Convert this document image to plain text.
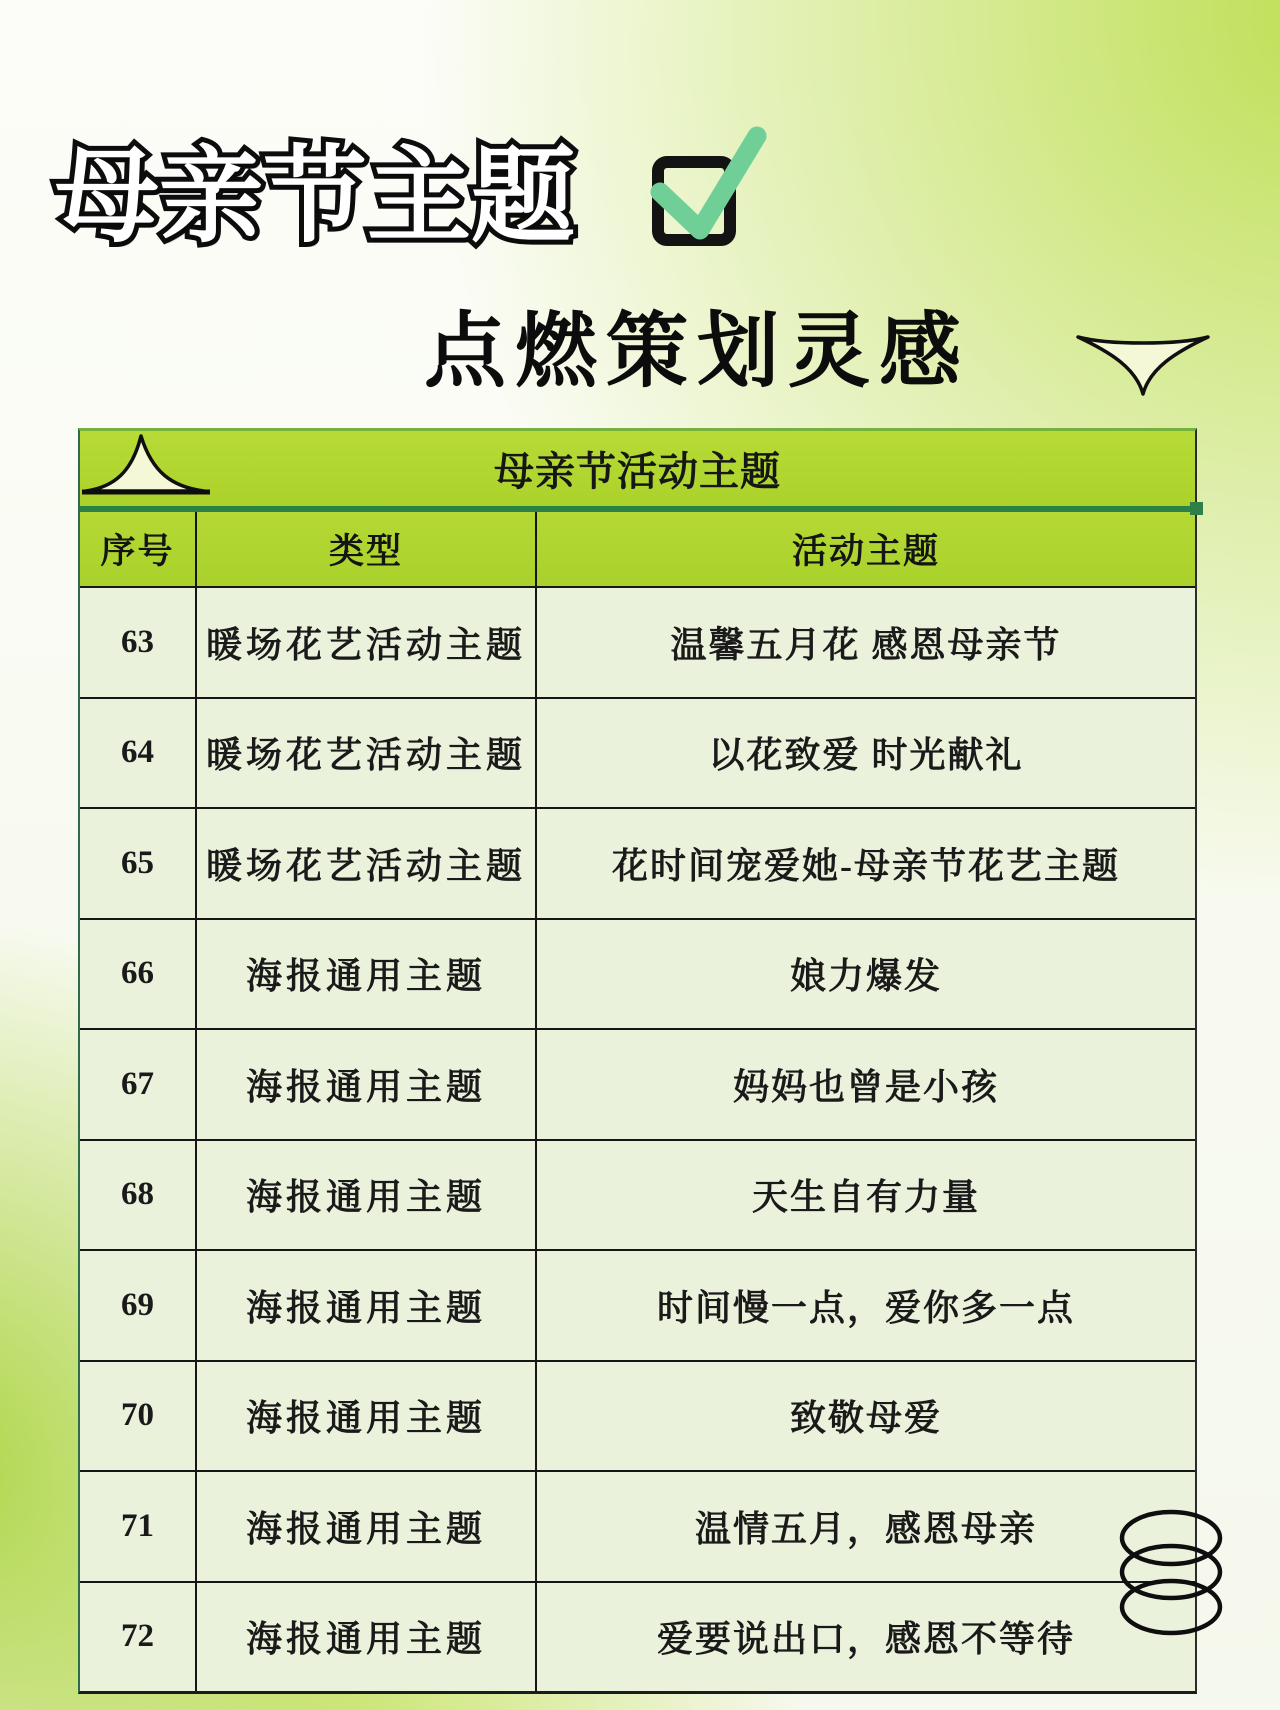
母亲节主题
点燃策划灵感
母亲节活动主题
序号	类型	活动主题
63	暖场花艺活动主题	温馨五月花 感恩母亲节
64	暖场花艺活动主题	以花致爱 时光献礼
65	暖场花艺活动主题	花时间宠爱她-母亲节花艺主题
66	海报通用主题	娘力爆发
67	海报通用主题	妈妈也曾是小孩
68	海报通用主题	天生自有力量
69	海报通用主题	时间慢一点，爱你多一点
70	海报通用主题	致敬母爱
71	海报通用主题	温情五月，感恩母亲
72	海报通用主题	爱要说出口，感恩不等待
